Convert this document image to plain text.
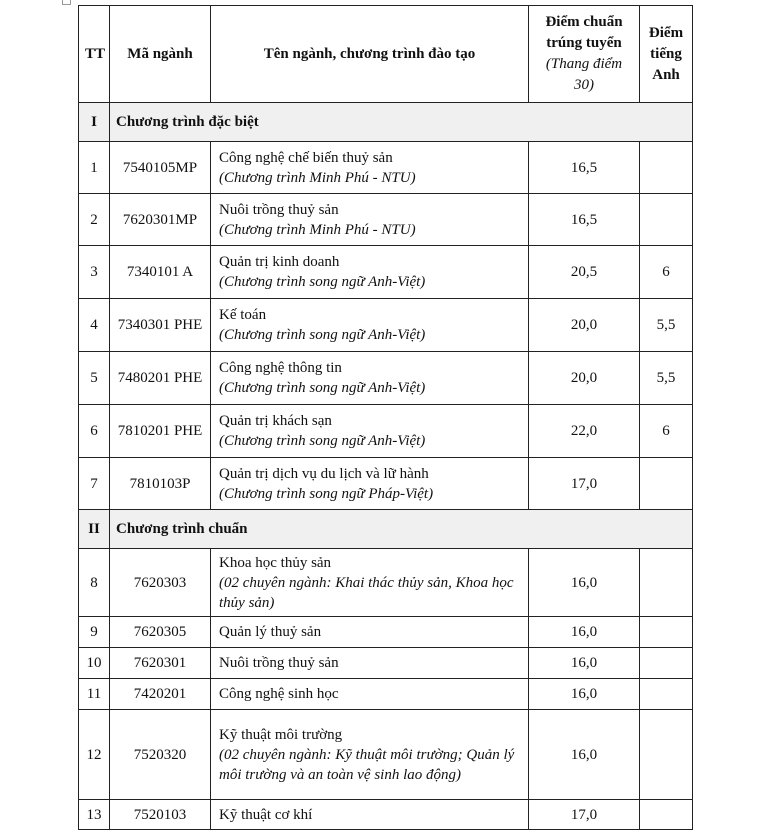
TT	Mã ngành	Tên ngành, chương trình đào tạo	Điểm chuẩn
trúng tuyển
(Thang điểm 30)	Điểm
tiếng
Anh
I	Chương trình đặc biệt			
1	7540105MP	Công nghệ chế biến thuỷ sản
(Chương trình Minh Phú - NTU)	16,5	
2	7620301MP	Nuôi trồng thuỷ sản
(Chương trình Minh Phú - NTU)	16,5	
3	7340101 A	Quản trị kinh doanh
(Chương trình song ngữ Anh-Việt)	20,5	6
4	7340301 PHE	Kế toán
(Chương trình song ngữ Anh-Việt)	20,0	5,5
5	7480201 PHE	Công nghệ thông tin
(Chương trình song ngữ Anh-Việt)	20,0	5,5
6	7810201 PHE	Quản trị khách sạn
(Chương trình song ngữ Anh-Việt)	22,0	6
7	7810103P	Quản trị dịch vụ du lịch và lữ hành
(Chương trình song ngữ Pháp-Việt)	17,0	
II	Chương trình chuẩn			
8	7620303	Khoa học thủy sản
(02 chuyên ngành: Khai thác thủy sản, Khoa học thủy sản)	16,0	
9	7620305	Quản lý thuỷ sản	16,0	
10	7620301	Nuôi trồng thuỷ sản	16,0	
11	7420201	Công nghệ sinh học	16,0	
12	7520320	Kỹ thuật môi trường
(02 chuyên ngành: Kỹ thuật môi trường; Quản lý môi trường và an toàn vệ sinh lao động)	16,0	
13	7520103	Kỹ thuật cơ khí	17,0	
